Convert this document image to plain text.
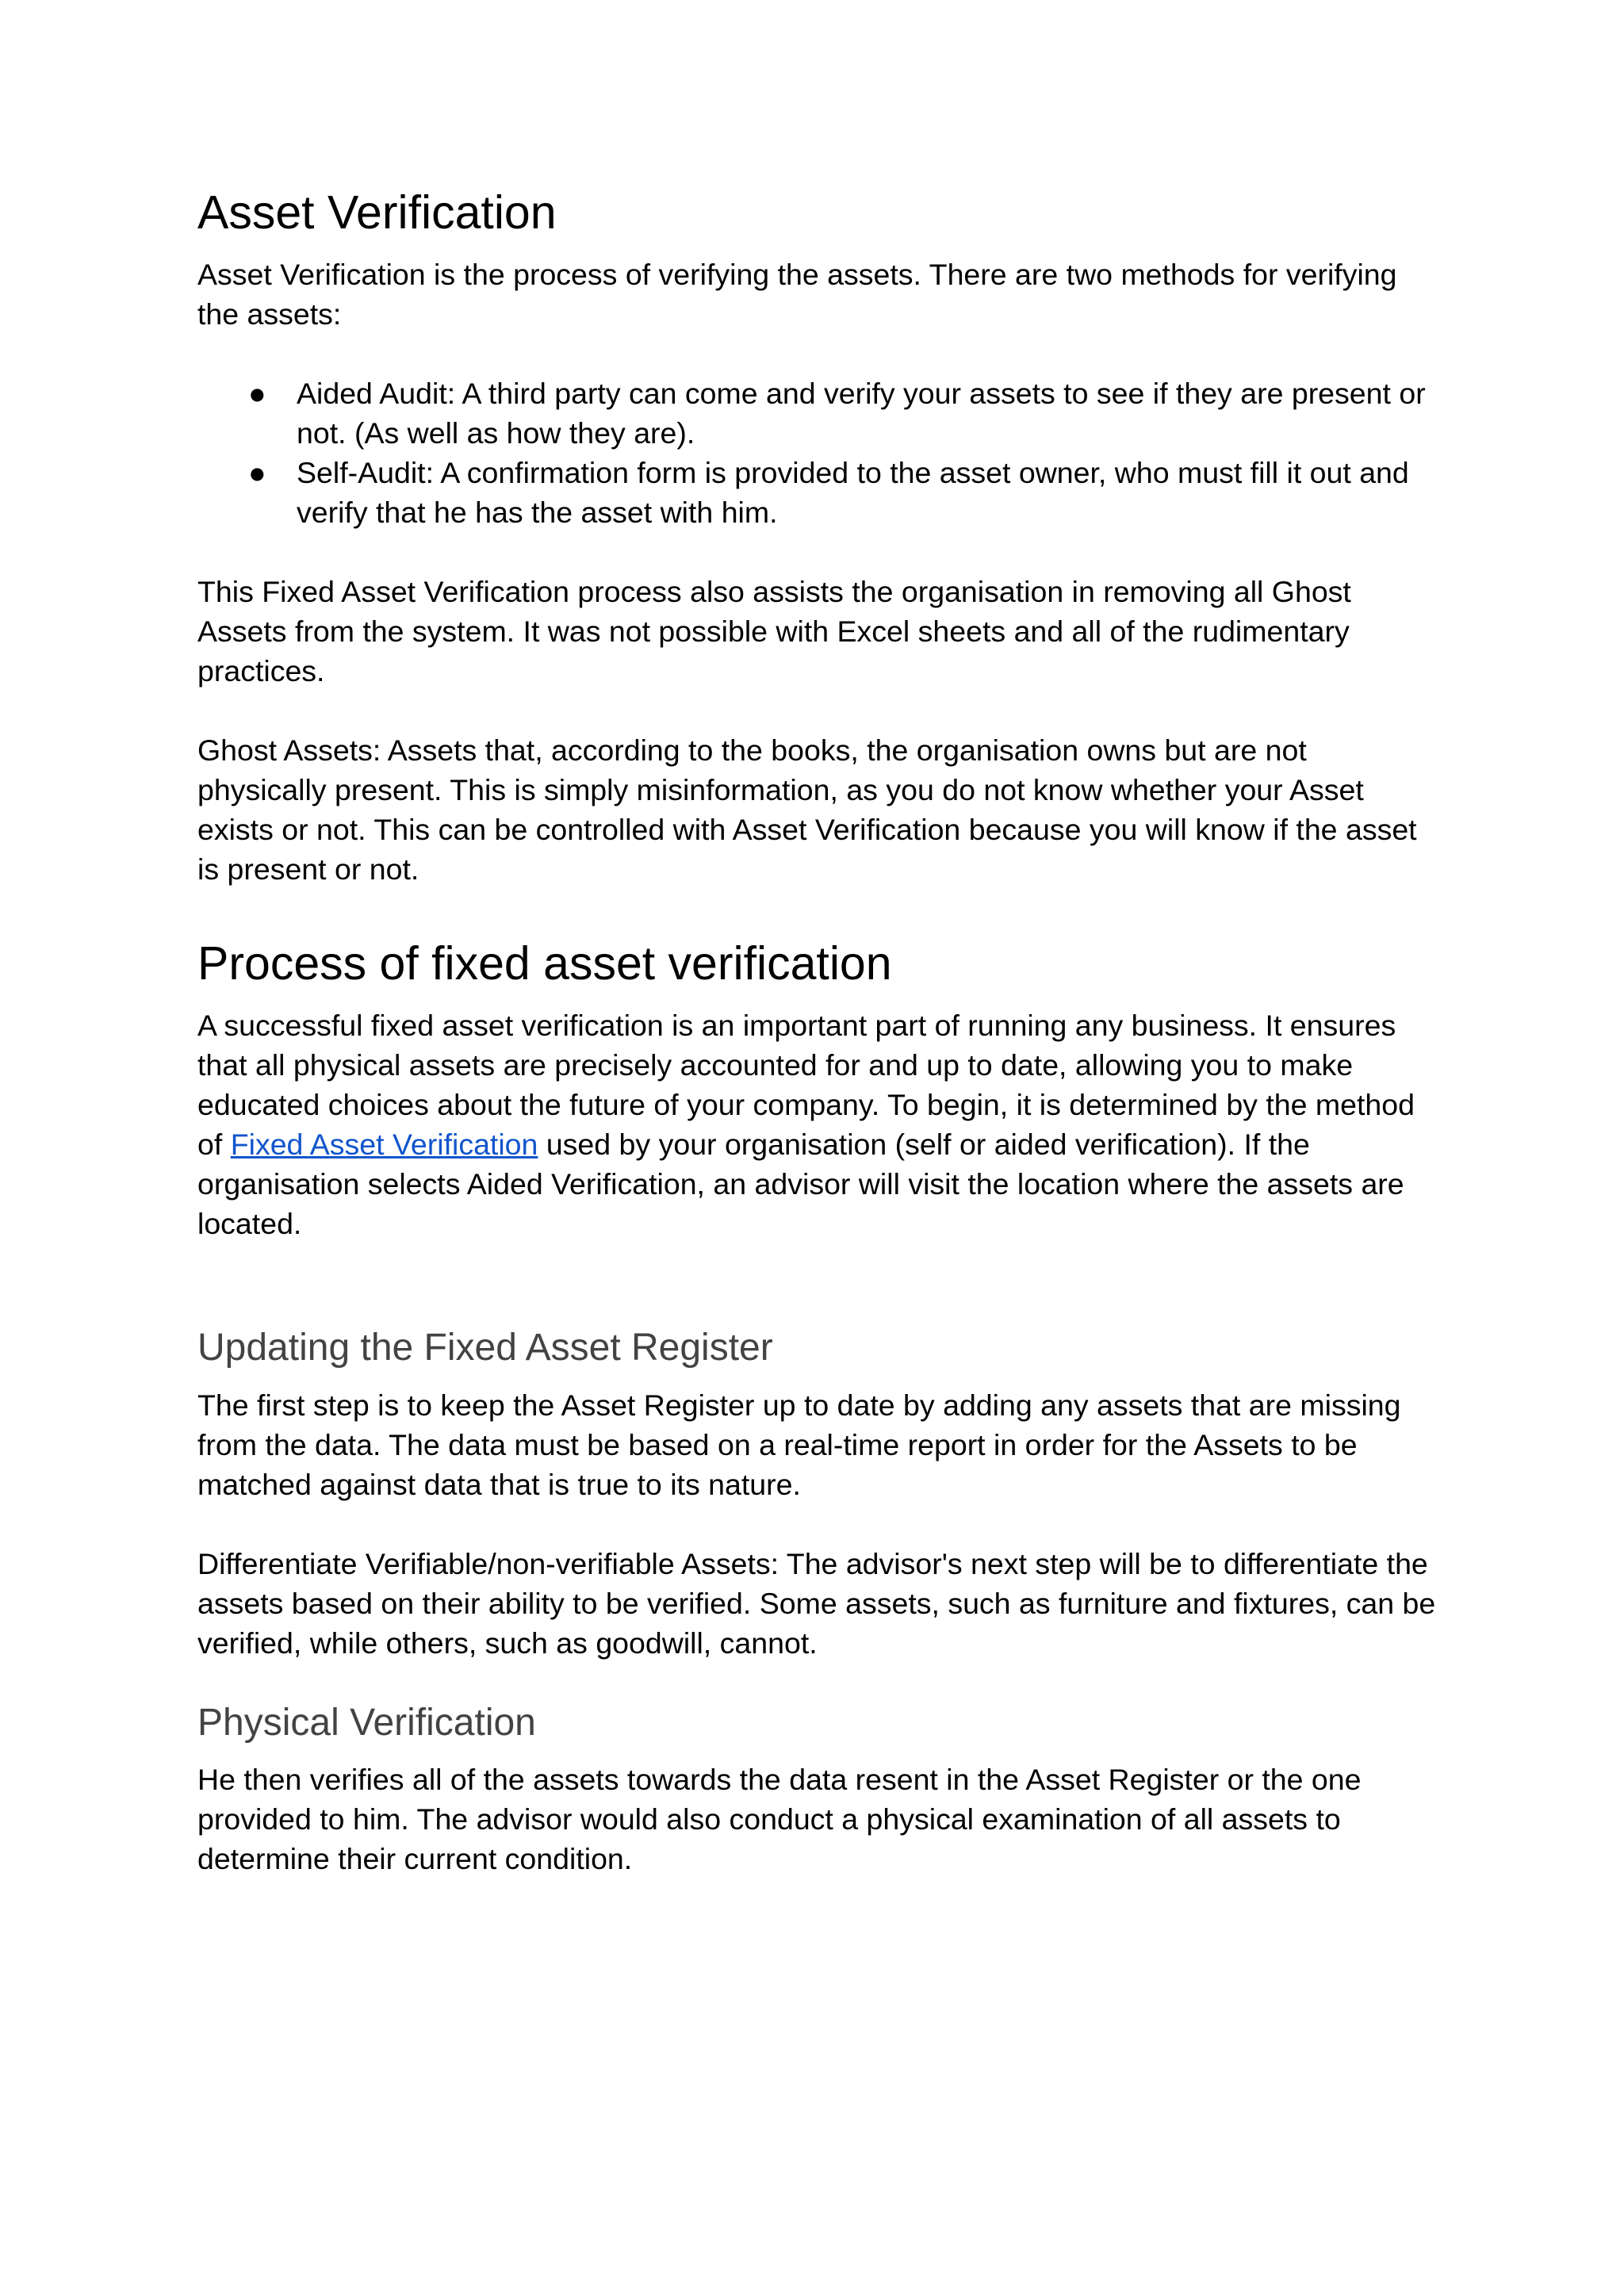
Asset Verification

Asset Verification is the process of verifying the assets. There are two methods for verifying the assets:

● Aided Audit: A third party can come and verify your assets to see if they are present or not. (As well as how they are).
● Self-Audit: A confirmation form is provided to the asset owner, who must fill it out and verify that he has the asset with him.

This Fixed Asset Verification process also assists the organisation in removing all Ghost Assets from the system. It was not possible with Excel sheets and all of the rudimentary practices.

Ghost Assets: Assets that, according to the books, the organisation owns but are not physically present. This is simply misinformation, as you do not know whether your Asset exists or not. This can be controlled with Asset Verification because you will know if the asset is present or not.

Process of fixed asset verification

A successful fixed asset verification is an important part of running any business. It ensures that all physical assets are precisely accounted for and up to date, allowing you to make educated choices about the future of your company. To begin, it is determined by the method of Fixed Asset Verification used by your organisation (self or aided verification). If the organisation selects Aided Verification, an advisor will visit the location where the assets are located.

Updating the Fixed Asset Register

The first step is to keep the Asset Register up to date by adding any assets that are missing from the data. The data must be based on a real-time report in order for the Assets to be matched against data that is true to its nature.

Differentiate Verifiable/non-verifiable Assets: The advisor's next step will be to differentiate the assets based on their ability to be verified. Some assets, such as furniture and fixtures, can be verified, while others, such as goodwill, cannot.

Physical Verification

He then verifies all of the assets towards the data resent in the Asset Register or the one provided to him. The advisor would also conduct a physical examination of all assets to determine their current condition.
